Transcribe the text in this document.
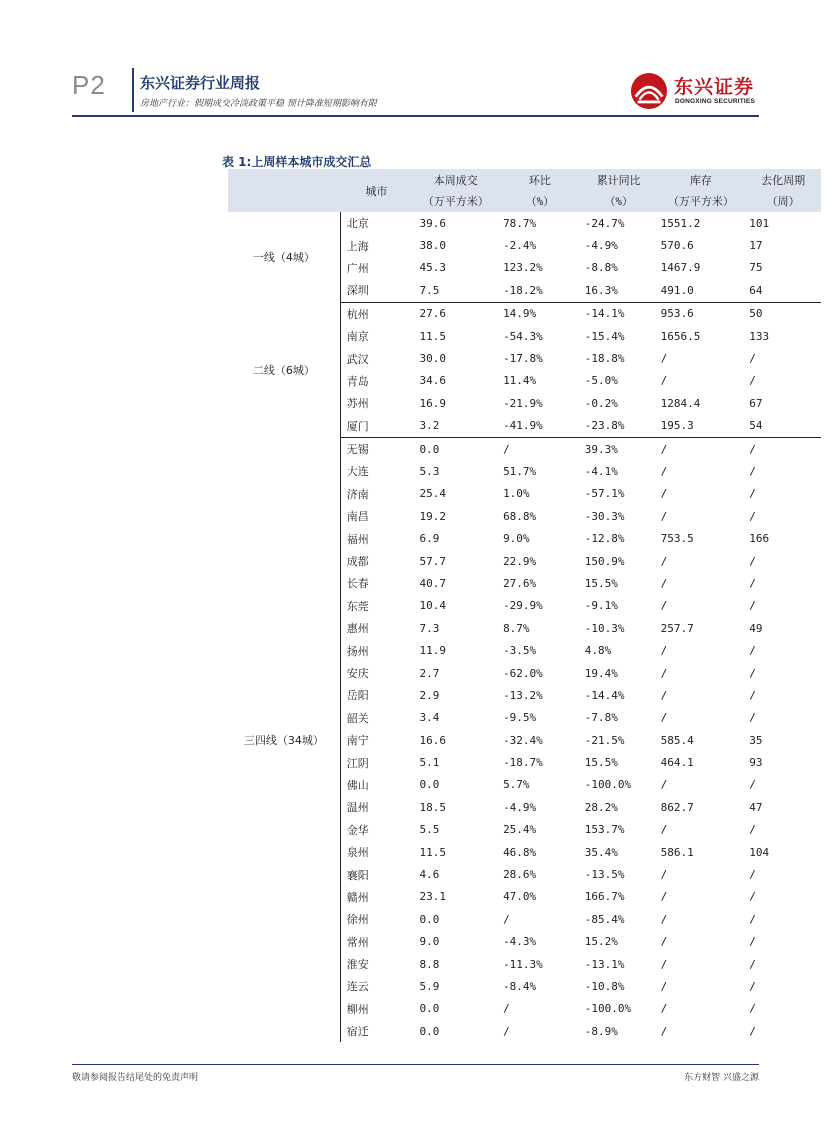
P2 东兴证券行业周报
房地产行业：假期成交冷淡政策平稳 预计降准短期影响有限
东兴证券
DONGXING SECURITIES
表 1:上周样本城市成交汇总
	城市	本周成交	环比	累计同比	库存	去化周期
		（万平方米）	（%）	（%）	（万平方米）	（周）
一线（4城）	北京	39.6	78.7%	-24.7%	1551.2	101
	上海	38.0	-2.4%	-4.9%	570.6	17
	广州	45.3	123.2%	-8.8%	1467.9	75
	深圳	7.5	-18.2%	16.3%	491.0	64
二线（6城）	杭州	27.6	14.9%	-14.1%	953.6	50
	南京	11.5	-54.3%	-15.4%	1656.5	133
	武汉	30.0	-17.8%	-18.8%	/	/
	青岛	34.6	11.4%	-5.0%	/	/
	苏州	16.9	-21.9%	-0.2%	1284.4	67
	厦门	3.2	-41.9%	-23.8%	195.3	54
三四线（34城）	无锡	0.0	/	39.3%	/	/
	大连	5.3	51.7%	-4.1%	/	/
	济南	25.4	1.0%	-57.1%	/	/
	南昌	19.2	68.8%	-30.3%	/	/
	福州	6.9	9.0%	-12.8%	753.5	166
	成都	57.7	22.9%	150.9%	/	/
	长春	40.7	27.6%	15.5%	/	/
	东莞	10.4	-29.9%	-9.1%	/	/
	惠州	7.3	8.7%	-10.3%	257.7	49
	扬州	11.9	-3.5%	4.8%	/	/
	安庆	2.7	-62.0%	19.4%	/	/
	岳阳	2.9	-13.2%	-14.4%	/	/
	韶关	3.4	-9.5%	-7.8%	/	/
	南宁	16.6	-32.4%	-21.5%	585.4	35
	江阴	5.1	-18.7%	15.5%	464.1	93
	佛山	0.0	5.7%	-100.0%	/	/
	温州	18.5	-4.9%	28.2%	862.7	47
	金华	5.5	25.4%	153.7%	/	/
	泉州	11.5	46.8%	35.4%	586.1	104
	襄阳	4.6	28.6%	-13.5%	/	/
	赣州	23.1	47.0%	166.7%	/	/
	徐州	0.0	/	-85.4%	/	/
	常州	9.0	-4.3%	15.2%	/	/
	淮安	8.8	-11.3%	-13.1%	/	/
	连云	5.9	-8.4%	-10.8%	/	/
	柳州	0.0	/	-100.0%	/	/
	宿迁	0.0	/	-8.9%	/	/
敬请参阅报告结尾处的免责声明	东方财智 兴盛之源
